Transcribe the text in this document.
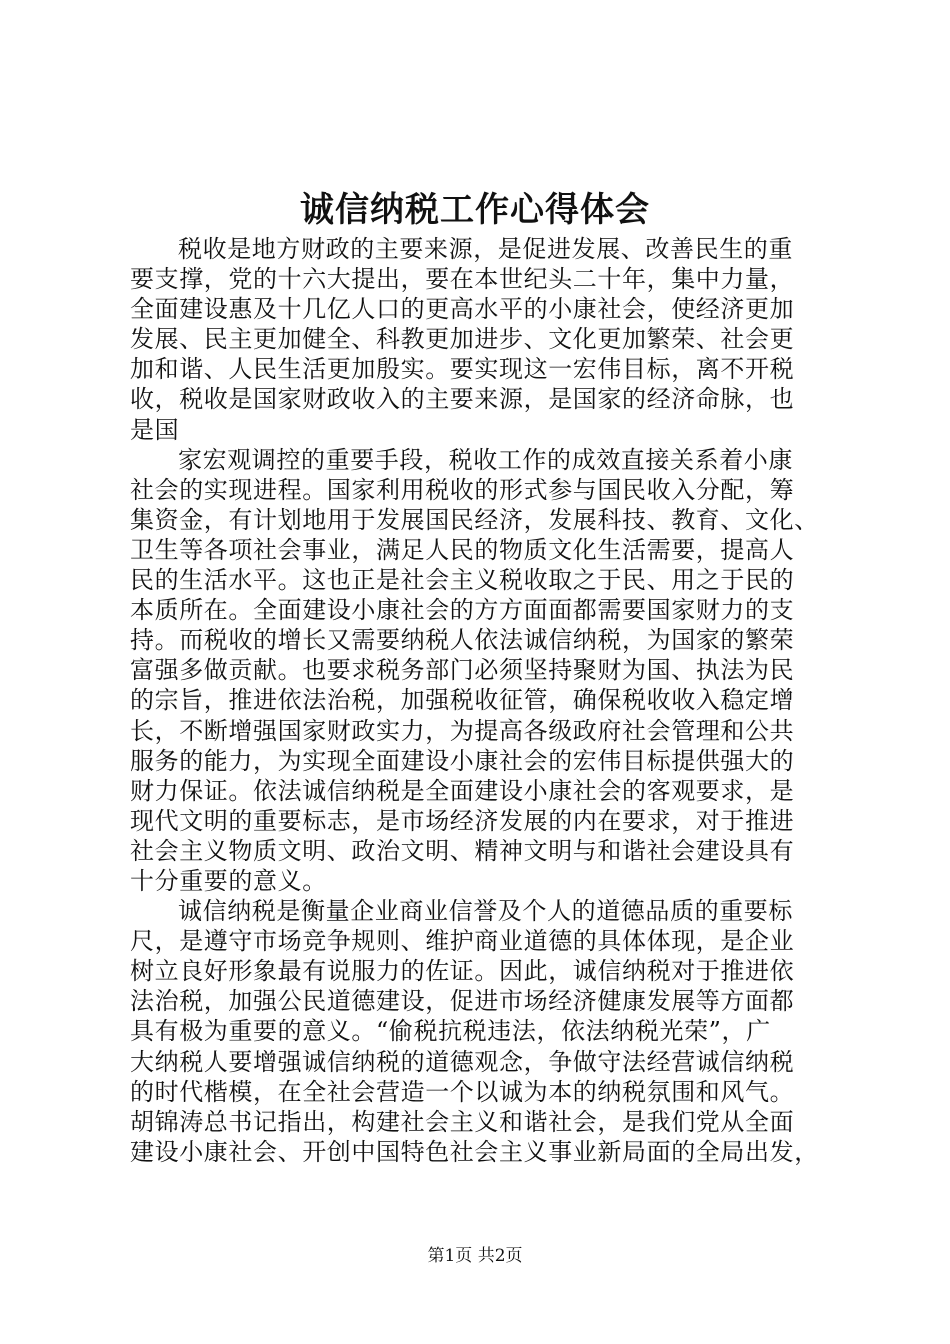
诚信纳税工作心得体会

税收是地方财政的主要来源，是促进发展、改善民生的重
要支撑，党的十六大提出，要在本世纪头二十年，集中力量，
全面建设惠及十几亿人口的更高水平的小康社会，使经济更加
发展、民主更加健全、科教更加进步、文化更加繁荣、社会更
加和谐、人民生活更加殷实。要实现这一宏伟目标，离不开税
收，税收是国家财政收入的主要来源，是国家的经济命脉，也
是国

家宏观调控的重要手段，税收工作的成效直接关系着小康
社会的实现进程。国家利用税收的形式参与国民收入分配，筹
集资金，有计划地用于发展国民经济，发展科技、教育、文化、
卫生等各项社会事业，满足人民的物质文化生活需要，提高人
民的生活水平。这也正是社会主义税收取之于民、用之于民的
本质所在。全面建设小康社会的方方面面都需要国家财力的支
持。而税收的增长又需要纳税人依法诚信纳税，为国家的繁荣
富强多做贡献。也要求税务部门必须坚持聚财为国、执法为民
的宗旨，推进依法治税，加强税收征管，确保税收收入稳定增
长，不断增强国家财政实力，为提高各级政府社会管理和公共
服务的能力，为实现全面建设小康社会的宏伟目标提供强大的
财力保证。依法诚信纳税是全面建设小康社会的客观要求，是
现代文明的重要标志，是市场经济发展的内在要求，对于推进
社会主义物质文明、政治文明、精神文明与和谐社会建设具有
十分重要的意义。

诚信纳税是衡量企业商业信誉及个人的道德品质的重要标
尺，是遵守市场竞争规则、维护商业道德的具体体现，是企业
树立良好形象最有说服力的佐证。因此，诚信纳税对于推进依
法治税，加强公民道德建设，促进市场经济健康发展等方面都
具有极为重要的意义。“偷税抗税违法，依法纳税光荣”，广
大纳税人要增强诚信纳税的道德观念，争做守法经营诚信纳税
的时代楷模，在全社会营造一个以诚为本的纳税氛围和风气。
胡锦涛总书记指出，构建社会主义和谐社会，是我们党从全面
建设小康社会、开创中国特色社会主义事业新局面的全局出发，

第1页 共2页
